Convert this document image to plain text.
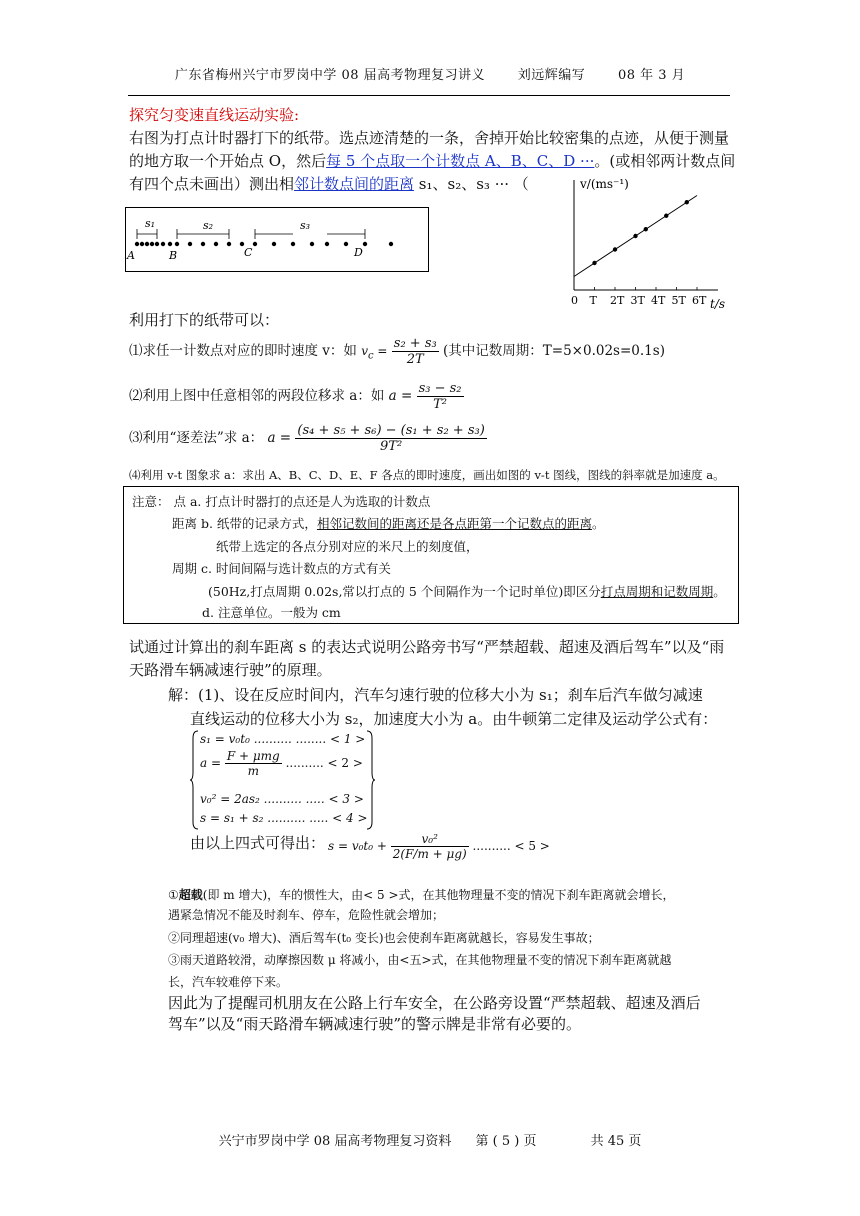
广东省梅州兴宁市罗岗中学 08 届高考物理复习讲义	刘远辉编写	08 年 3 月
探究匀变速直线运动实验:
右图为打点计时器打下的纸带。选点迹清楚的一条，舍掉开始比较密集的点迹，从便于测量
的地方取一个开始点 O，然后每 5 个点取一个计数点 A、B、C、D ···。(或相邻两计数点间
有四个点未画出）测出相邻计数点间的距离 s₁、s₂、s₃ ··· （
s₁	s₂	s₃
A	B	C	D
0 T 2T 3T 4T 5T 6T
v/(ms⁻¹)
t/s
利用打下的纸带可以：
⑴求任一计数点对应的即时速度 v：如 $v_c = \frac{\text{s₂ + s₃}}{2T}$ (其中记数周期：T=5×0.02s=0.1s)
⑵利用上图中任意相邻的两段位移求 a：如 $a = \frac{\text{s₃ − s₂}}{\text{T²}}$
⑶利用“逐差法”求 a： $a = \frac{\text{(s₄ + s₅ + s₆) − (s₁ + s₂ + s₃)}}{\text{9T²}}$
⑷利用 v-t 图象求 a：求出 A、B、C、D、E、F 各点的即时速度，画出如图的 v-t 图线，图线的斜率就是加速度 a。
注意： 点 a. 打点计时器打的点还是人为选取的计数点
距离 b. 纸带的记录方式，相邻记数间的距离还是各点距第一个记数点的距离。
纸带上选定的各点分别对应的米尺上的刻度值，
周期 c. 时间间隔与选计数点的方式有关
(50Hz,打点周期 0.02s,常以打点的 5 个间隔作为一个记时单位)即区分打点周期和记数周期。
d. 注意单位。一般为 cm
试通过计算出的刹车距离 s 的表达式说明公路旁书写“严禁超载、超速及酒后驾车”以及“雨
天路滑车辆减速行驶”的原理。
解：(1)、设在反应时间内，汽车匀速行驶的位移大小为 s₁；刹车后汽车做匀减速
直线运动的位移大小为 s₂，加速度大小为 a。由牛顿第二定律及运动学公式有：
s₁ = v₀t₀ .......... ........ < 1 >
$a = \frac{\text{F + μmg}}{m}$ .......... < 2 >
v₀² = 2as₂ .......... ..... < 3 >
s = s₁ + s₂ .......... ..... < 4 >
由以上四式可得出： $s = v_0t_0 + \frac{\text{v₀²}}{2(F/m + \mu g)}$ .......... < 5 >
①超载(即 m 增大)，车的惯性大，由< 5 >式，在其他物理量不变的情况下刹车距离就会增长，
遇紧急情况不能及时刹车、停车，危险性就会增加；
②同理超速(v₀ 增大)、酒后驾车(t₀ 变长)也会使刹车距离就越长，容易发生事故；
③雨天道路较滑，动摩擦因数 μ 将减小，由<五>式，在其他物理量不变的情况下刹车距离就越
长，汽车较难停下来。
因此为了提醒司机朋友在公路上行车安全，在公路旁设置“严禁超载、超速及酒后
驾车”以及“雨天路滑车辆减速行驶”的警示牌是非常有必要的。
兴宁市罗岗中学 08 届高考物理复习资料 第 ( 5 ) 页	共 45 页
